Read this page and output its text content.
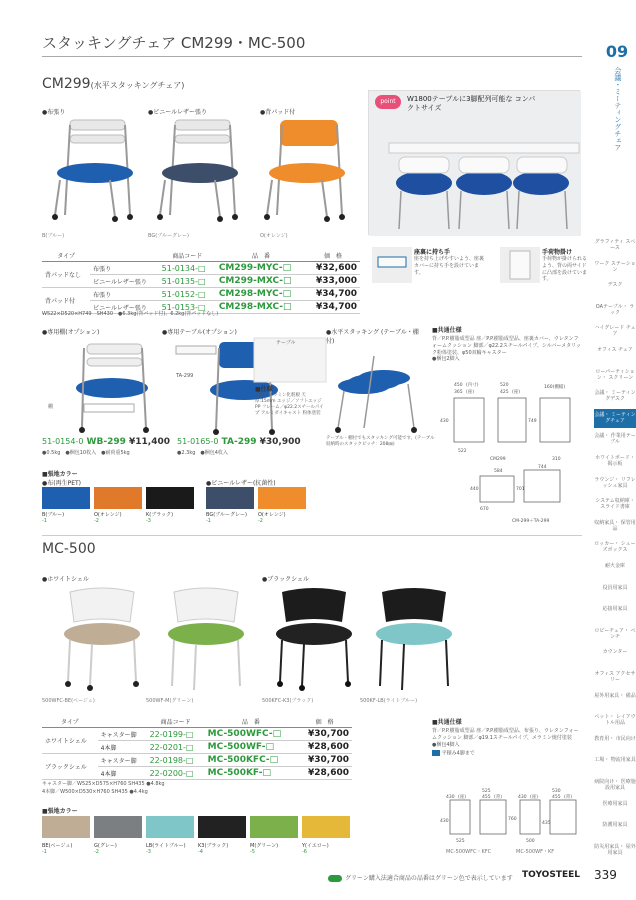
スタッキングチェア CM299・MC-500	09
会議・ミーティングチェア
CM299(水平スタッキングチェア)
●布張り	●ビニールレザー張り	●背パッド付
B(ブルー)	BG(ブルーグレー)	O(オレンジ)
point	W1800テーブルに3脚配列可能な コンパクトサイズ
座裏に持ち手
座を持ち上げやすいよう、座裏カバーに持ち手を設けています。
手荷物掛け
手荷物が掛けられるよう、背の両サイドに凸部を設けています。
タイプ		商品コード	品　番	価　格
背パッドなし	布張り	51-0134-□	CM299-MYC-□	¥32,600
	ビニールレザー張り	51-0135-□	CM299-MXC-□	¥33,000
背パッド付	布張り	51-0152-□	CM298-MYC-□	¥34,700
	ビニールレザー張り	51-0153-□	CM298-MXC-□	¥34,700
W522×D520×H749　SH430　●6.3kg(背パッド付)、6.2kg(背パッドなし)
●専用棚(オプション)	●専用テーブル(オプション)	●水平スタッキング (テーブル・棚付)
テーブル
TA-299
棚
■仕様
天板／メラミン化粧板 天厚:15mm エッジ／ソフトエッジ PP フレーム／φ22.2スチールパイプ アルミダイキャスト 粉体塗装
テーブル・棚付でもスタッキング可能です。(テーブル収納時のスタックピッチ：208㎜)
51-0154-0 WB-299 ¥11,400
●0.5kg　●梱包10枚入　●耐荷重5kg
51-0165-0 TA-299 ¥30,900
●2.3kg　●梱包4枚入
■共通仕様
背／P.P.樹脂成型品 座／P.P.樹脂成型品、座裏カバー、ウレタンフォームクッション 脚部／φ22.2スチールパイプ、シルバーメタリック粉体塗装、φ50双輪キャスター
●梱包2脚入
450 (内寸)
365 (座)
520
425 (座)
160(棚幅)
430	749
522
CM299	310
584
744
701
440
670
CM-299＋TA-299
■張地カラー
●布(再生PET)	●ビニールレザー(抗菌性)
B(ブルー)	O(オレンジ)	K(ブラック)	BG(ブルーグレー) O(オレンジ)
-1	-2	-3	-1	-2
MC-500
●ホワイトシェル	●ブラックシェル
500WFC-BE(ベージュ)	500WF-M(グリーン)	500KFC-K3(ブラック)	500KF-LB(ライトブルー)
タイプ		商品コード	品　番	価　格
ホワイトシェル	キャスター脚	22-0199-□	MC-500WFC-□	¥30,700
	4本脚	22-0201-□	MC-500WF-□	¥28,600
ブラックシェル	キャスター脚	22-0198-□	MC-500KFC-□	¥30,700
	4本脚	22-0200-□	MC-500KF-□	¥28,600
キャスター脚／W525×D575×H760 SH435 ●4.8kg
4本脚／W500×D530×H760 SH435 ●4.4kg
■共通仕様
背／P.P.樹脂成型品 座／P.P.樹脂成型品、布張り、ウレタンフォームクッション 脚部／φ19.1スチールパイプ、メラミン焼付塗装
●梱包4脚入
平積み4脚まで
525
430 (座)	455 (背)
530
430 (座)	455 (背)
430	760
435
525	500
MC-500WFC・KFC	MC-500WF・KF
■張地カラー
BE(ベージュ)	G(グレー)	LB(ライトブルー) K3(ブラック)	M(グリーン)	Y(イエロー)
-1	-2	-3	-4	-5	-6
グラフィティ スペース
ワーク ステーション
デスク
OAテーブル・ ラック
ハイグレード チェア
オフィス チェア
ローパーティション・ スクリーン
会議・ ミーティングデスク
会議・ ミーティングチェア
会議・ 作業用テーブル
ホワイトボード・ 掲示板
ラウンジ・ リフレッシュ家具
システム収納庫・ スライド書庫
収納家具・ 保管用品
ロッカー・ シューズボックス
耐火金庫
役員用家具
応接用家具
ロビーチェア・ ベンチ
カウンター
オフィス アクセサリー
屋外用家具・ 備品
ペット・ レイアウトル用品
教育用・ 市民向け
工場・ 物流用家具
病院向け・ 医療施設用家具
医療用家具
防護用家具
防災用家具・ 屋外用家具
グリーン購入法適合商品の品番はグリーン色で表示しています TOYOSTEEL 339
